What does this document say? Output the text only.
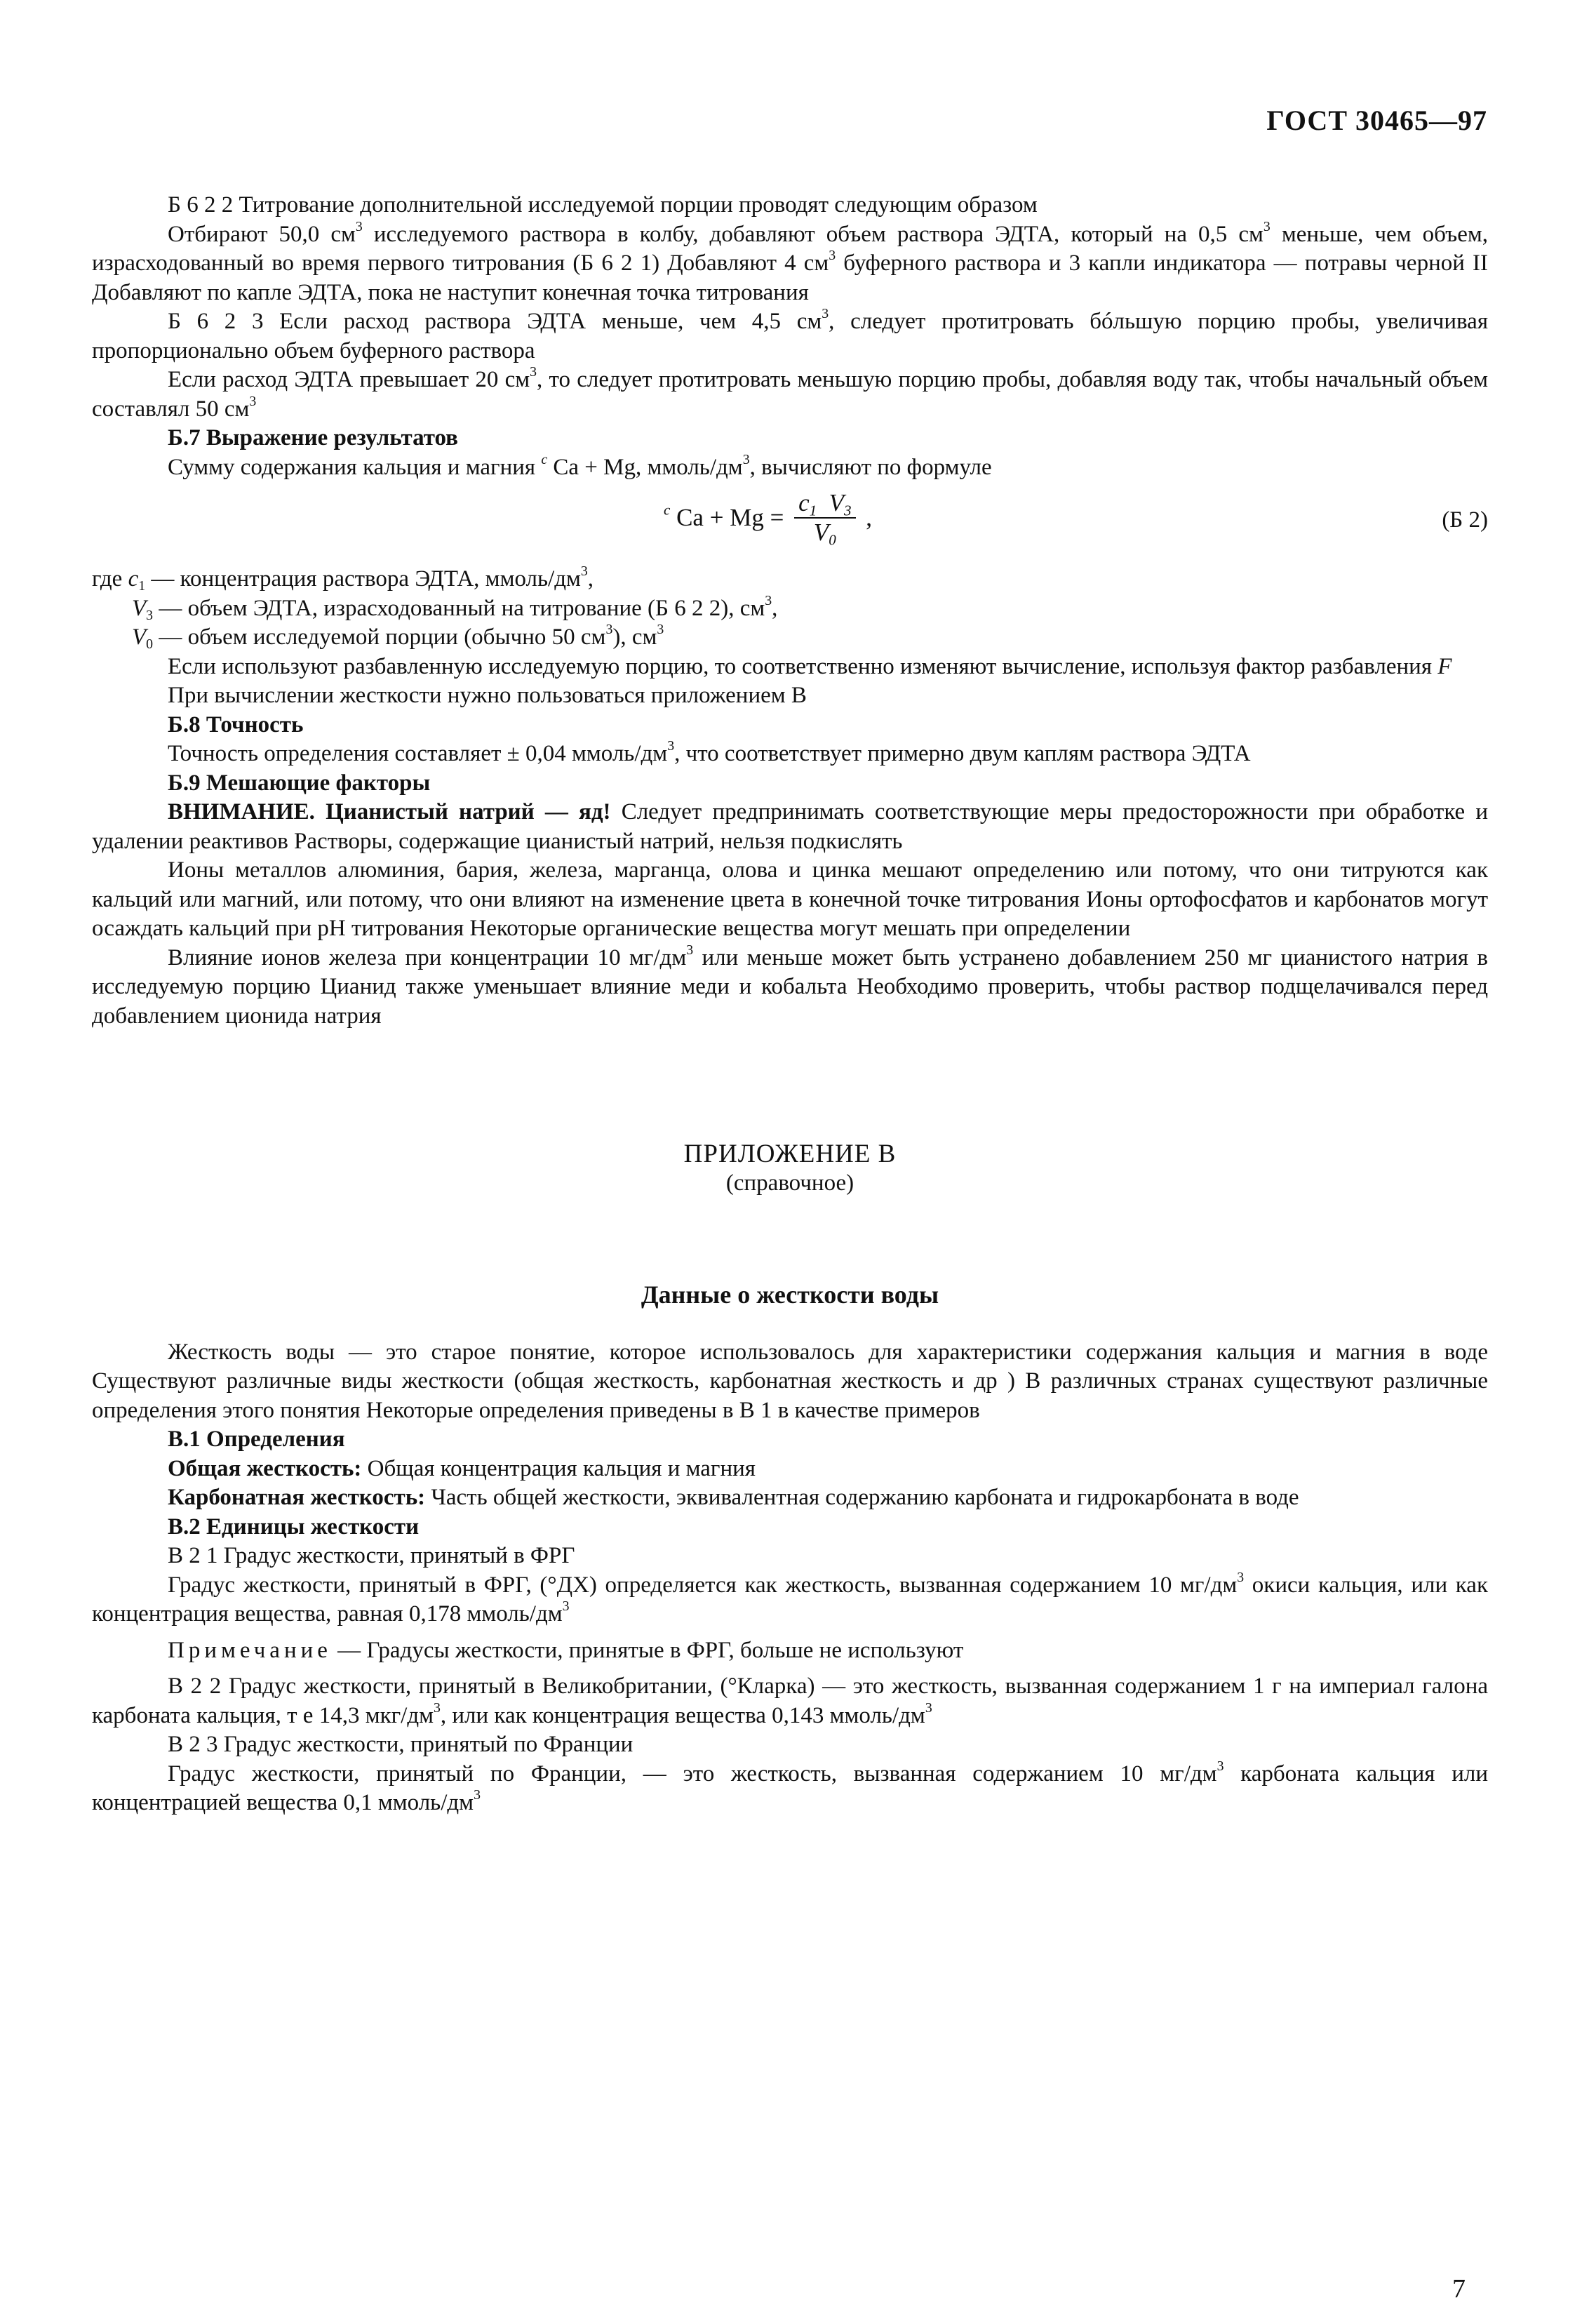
ГОСТ 30465—97

Б 6 2 2 Титрование дополнительной исследуемой порции проводят следующим образом

Отбирают 50,0 $см^3$ исследуемого раствора в колбу, добавляют объем раствора ЭДТА, который на 0,5 $см^3$ меньше, чем объем, израсходованный во время первого титрования (Б 6 2 1) Добавляют 4 $см^3$ буферного раствора и 3 капли индикатора — потравы черной II Добавляют по капле ЭДТА, пока не наступит конечная точка титрования

Б 6 2 3 Если расход раствора ЭДТА меньше, чем 4,5 $см^3$, следует протитровать бóльшую порцию пробы, увеличивая пропорционально объем буферного раствора

Если расход ЭДТА превышает 20 $см^3$, то следует протитровать меньшую порцию пробы, добавляя воду так, чтобы начальный объем составлял 50 $см^3$

Б.7 Выражение результатов

Сумму содержания кальция и магния $^c$ Ca + Mg, ммоль/$дм^3$, вычисляют по формуле

$^c$ $Ca + Mg = \frac{c_1 V_3}{V_0}$ ,	(Б 2)
где $c_1$ — концентрация раствора ЭДТА, ммоль/$дм^3$,
$V_3$ — объем ЭДТА, израсходованный на титрование (Б 6 2 2), $см^3$,
$V_0$ — объем исследуемой порции (обычно 50 $см^3$), $см^3$

Если используют разбавленную исследуемую порцию, то соответственно изменяют вычисление, используя фактор разбавления F

При вычислении жесткости нужно пользоваться приложением В

Б.8 Точность

Точность определения составляет ± 0,04 ммоль/$дм^3$, что соответствует примерно двум каплям раствора ЭДТА

Б.9 Мешающие факторы

ВНИМАНИЕ. Цианистый натрий — яд! Следует предпринимать соответствующие меры предосторожности при обработке и удалении реактивов Растворы, содержащие цианистый натрий, нельзя подкислять

Ионы металлов алюминия, бария, железа, марганца, олова и цинка мешают определению или потому, что они титруются как кальций или магний, или потому, что они влияют на изменение цвета в конечной точке титрования Ионы ортофосфатов и карбонатов могут осаждать кальций при рН титрования Некоторые органические вещества могут мешать при определении

Влияние ионов железа при концентрации 10 $мг/дм^3$ или меньше может быть устранено добавлением 250 мг цианистого натрия в исследуемую порцию Цианид также уменьшает влияние меди и кобальта Необходимо проверить, чтобы раствор подщелачивался перед добавлением ционида натрия

ПРИЛОЖЕНИЕ В

(справочное)

Данные о жесткости воды

Жесткость воды — это старое понятие, которое использовалось для характеристики содержания кальция и магния в воде Существуют различные виды жесткости (общая жесткость, карбонатная жесткость и др ) В различных странах существуют различные определения этого понятия Некоторые определения приведены в В 1 в качестве примеров

В.1 Определения

Общая жесткость: Общая концентрация кальция и магния

Карбонатная жесткость: Часть общей жесткости, эквивалентная содержанию карбоната и гидрокарбоната в воде

В.2 Единицы жесткости

В 2 1 Градус жесткости, принятый в ФРГ

Градус жесткости, принятый в ФРГ, (°ДХ) определяется как жесткость, вызванная содержанием 10 $мг/дм^3$ окиси кальция, или как концентрация вещества, равная 0,178 ммоль/$дм^3$

Примечание — Градусы жесткости, принятые в ФРГ, больше не используют

В 2 2 Градус жесткости, принятый в Великобритании, (°Кларка) — это жесткость, вызванная содержанием 1 г на империал галона карбоната кальция, т е 14,3 мкг/$дм^3$, или как концентрация вещества 0,143 ммоль/$дм^3$

В 2 3 Градус жесткости, принятый по Франции

Градус жесткости, принятый по Франции, — это жесткость, вызванная содержанием 10 $мг/дм^3$ карбоната кальция или концентрацией вещества 0,1 ммоль/$дм^3$

7
